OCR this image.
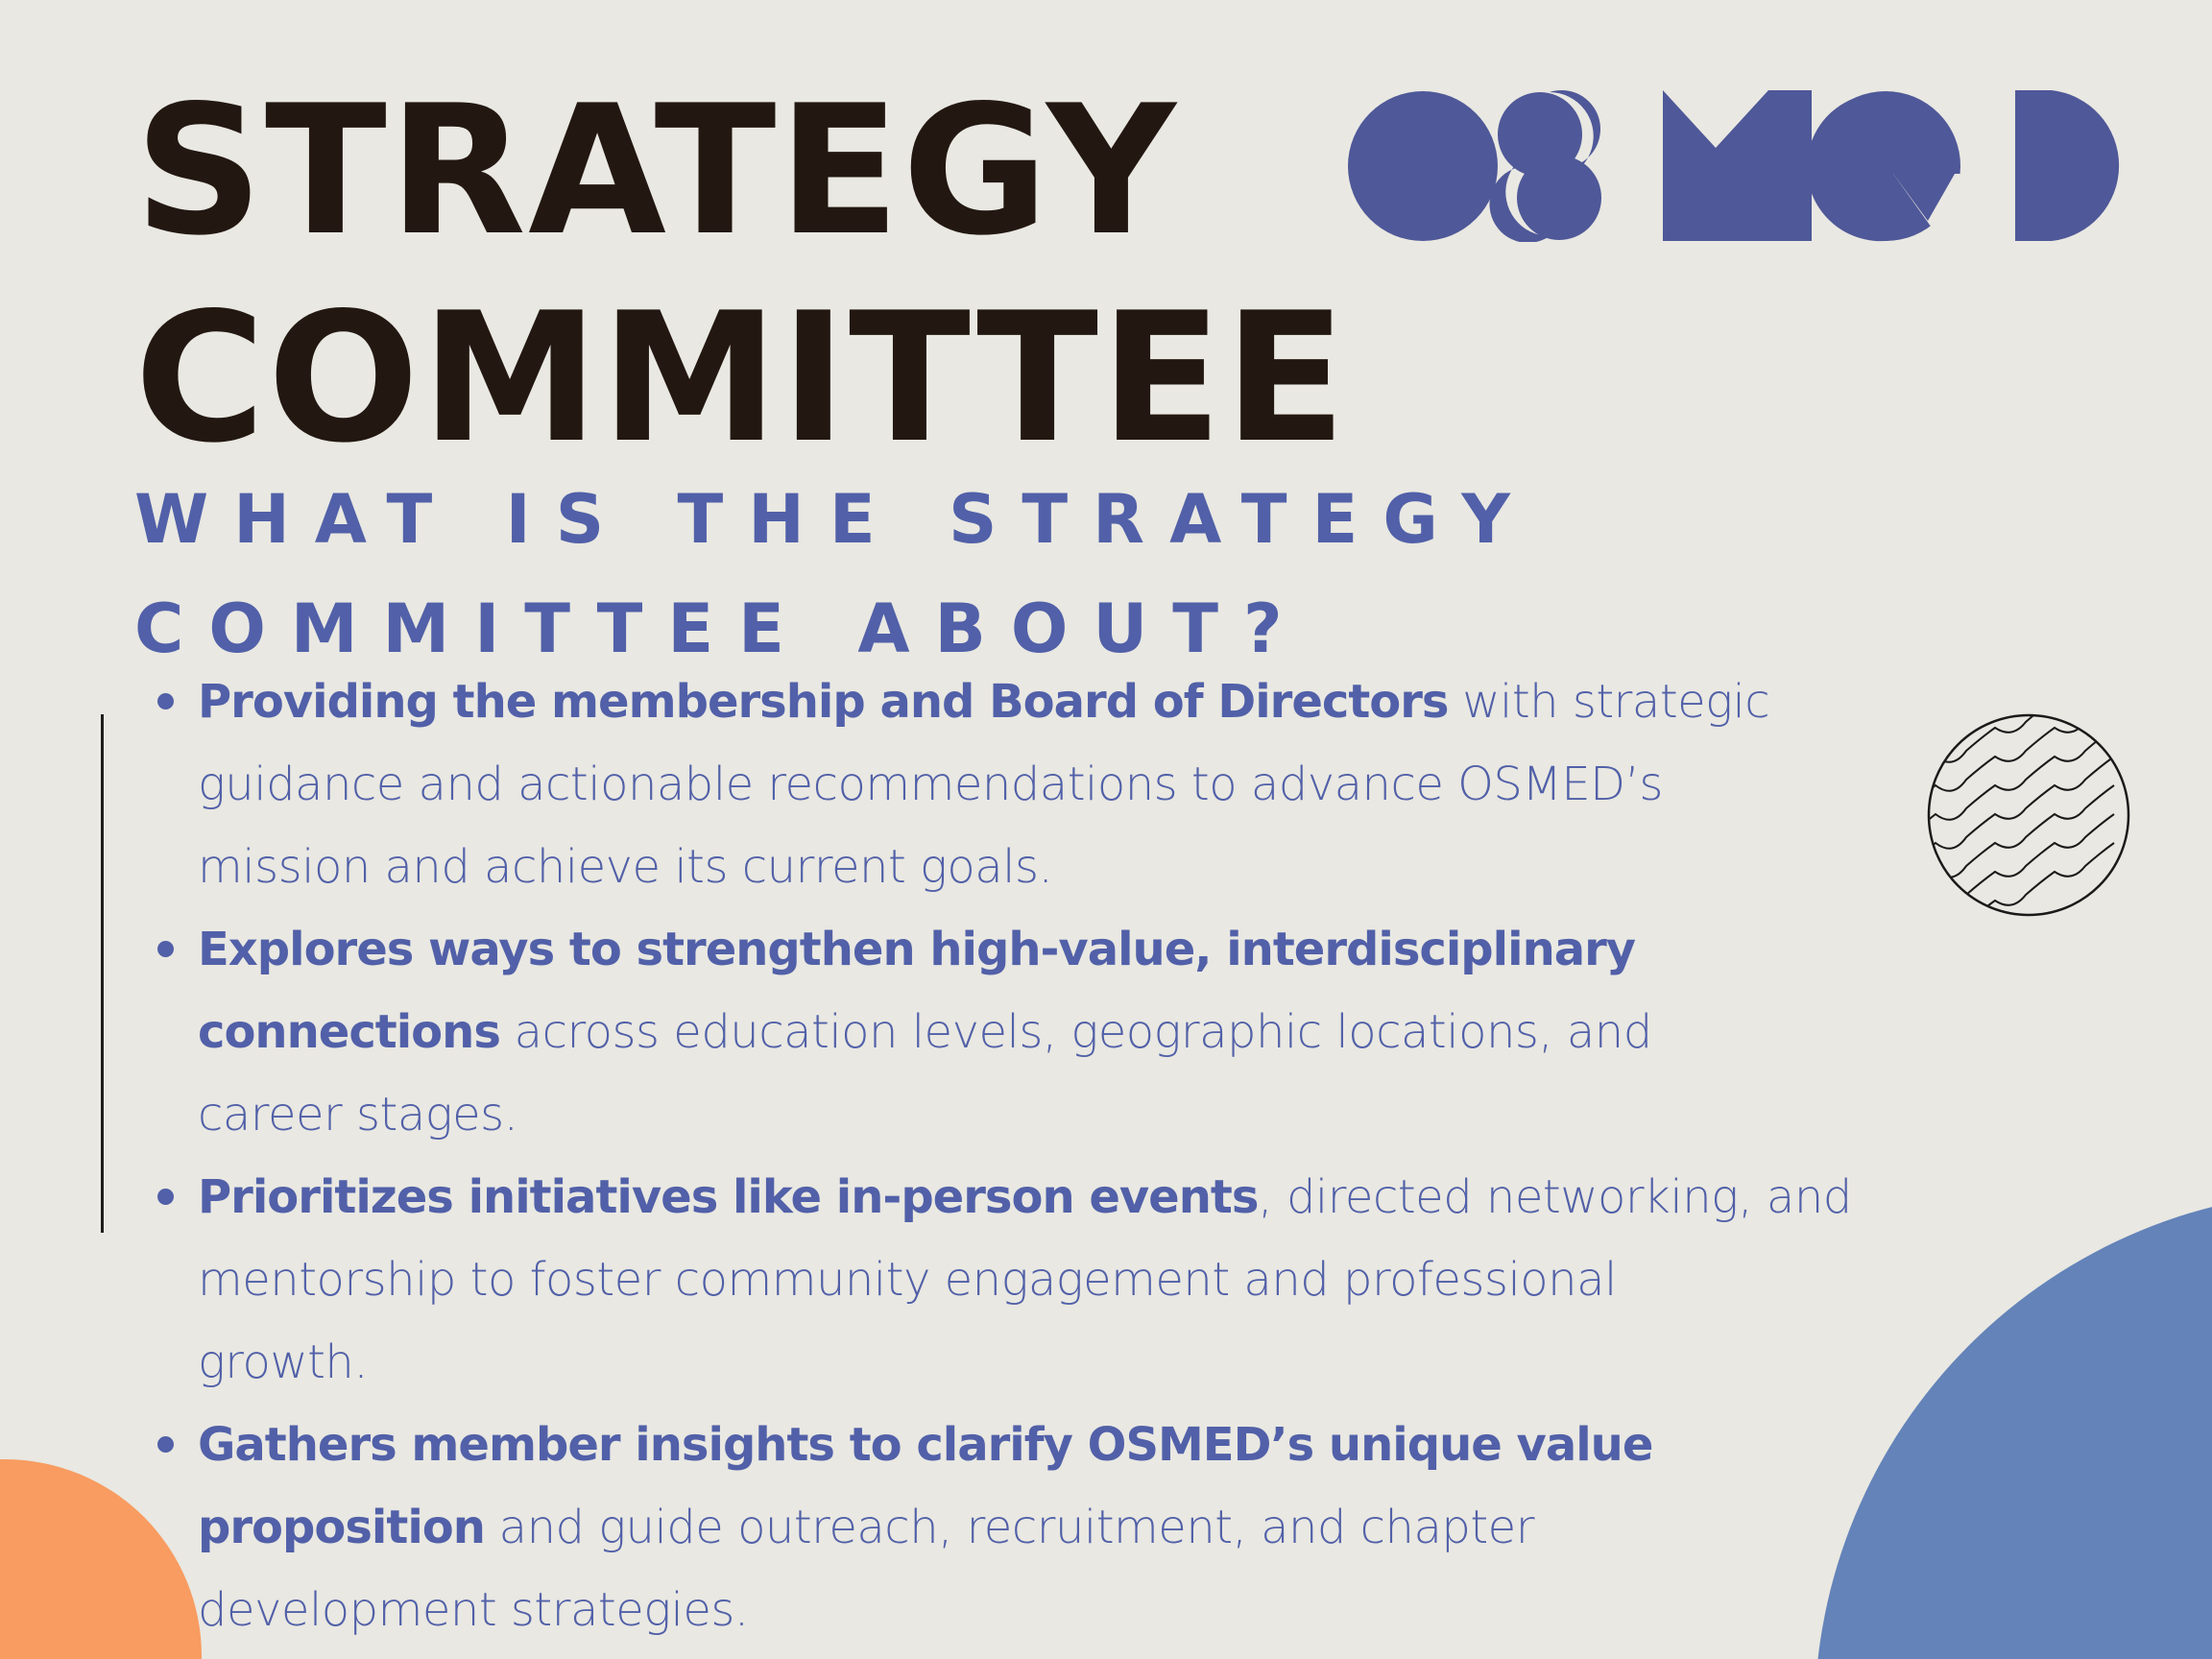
STRATEGY
COMMITTEE
WHAT IS THE STRATEGY
COMMITTEE ABOUT?
Providing the membership and Board of Directors with strategic
guidance and actionable recommendations to advance OSMED’s
mission and achieve its current goals.
Explores ways to strengthen high-value, interdisciplinary
connections across education levels, geographic locations, and
career stages.
Prioritizes initiatives like in-person events, directed networking, and
mentorship to foster community engagement and professional
growth.
Gathers member insights to clarify OSMED’s unique value
proposition and guide outreach, recruitment, and chapter
development strategies.
